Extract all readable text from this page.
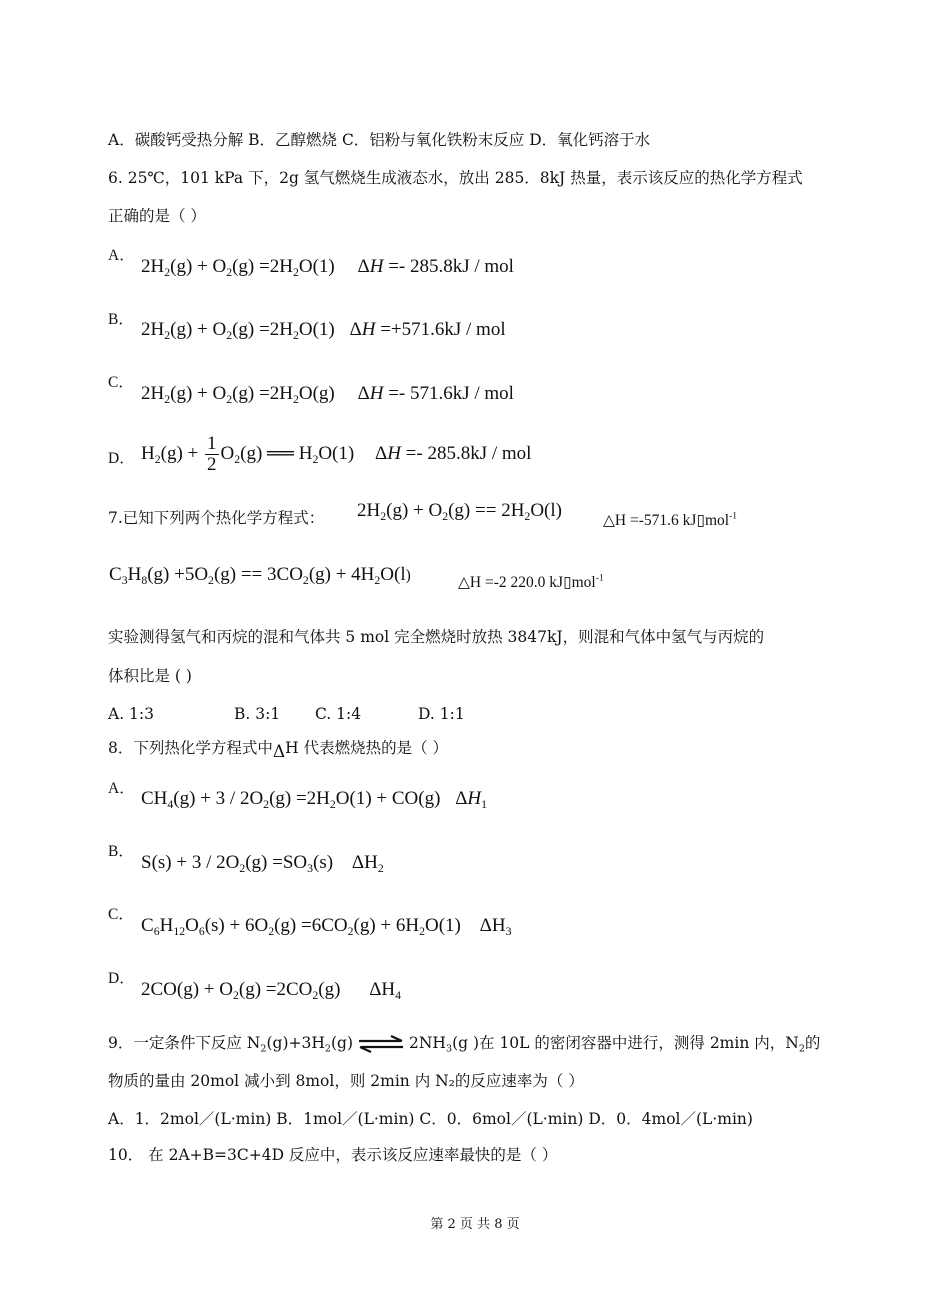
A．碳酸钙受热分解 B．乙醇燃烧 C．铝粉与氧化铁粉末反应 D．氧化钙溶于水
6. 25℃，101 kPa 下，2g 氢气燃烧生成液态水，放出 285．8kJ 热量，表示该反应的热化学方程式
正确的是（ ）
A．
$2H_2(g) + O_2(g) =2H_2O(1) \Delta H =- 285.8kJ$ / mol
B． $2H_2(g) + O_2(g) =2H_2O(1)$ ΔH =+571.6kJ / mol
C．
$2H_2(g) + O_2(g) =2H_2O(g) \Delta H =- 571.6kJ$ / mol
D． $H_2(g) + \frac{1}{2} O_2(g)$ ══ $H_2O(1) \Delta H =- 285.8kJ$ / mol
7.已知下列两个热化学方程式： $2H_2(g) + O_2(g) == 2H_2O(l)$	△H =-571.6 kJ▯mol$^{-1}$
$C_3H_8(g) +5O_2(g) == 3CO_2(g) + 4H_2O(l)$	△H =-2 220.0 kJ▯mol$^{-1}$
实验测得氢气和丙烷的混和气体共 5 mol 完全燃烧时放热 3847kJ，则混和气体中氢气与丙烷的
体积比是 ( )
A. 1:3	B. 3:1 C. 1:4	D. 1:1
8．下列热化学方程式中ΔH 代表燃烧热的是（ ）
A． $CH_4(g) + 3 / 2O_2(g) =2H_2O(1) + CO(g)$ $\Delta H_1$
B．
$S(s) + 3 / 2O_2(g) =SO_3(s)$ $\Delta H_2$
C．
$C_6H_{12}O_6(s) + 6O_2(g) =6CO_2(g) + 6H_2O(1)$ $\Delta H_3$
D．
$2CO(g) + O_2(g) =2CO_2(g)$ $\Delta H_4$
9．一定条件下反应 $N_2(g)+3H_2(g)$ ⇌ $2NH_3(g$ )在 10L 的密闭容器中进行，测得 2min 内，$N_2$的
物质的量由 20mol 减小到 8mol，则 2min 内 N₂的反应速率为（ ）
A．1．2mol／(L·min) B．1mol／(L·min) C．0．6mol／(L·min) D．0．4mol／(L·min)
10． 在 2A+B=3C+4D 反应中，表示该反应速率最快的是（ ）
第 2 页 共 8 页
